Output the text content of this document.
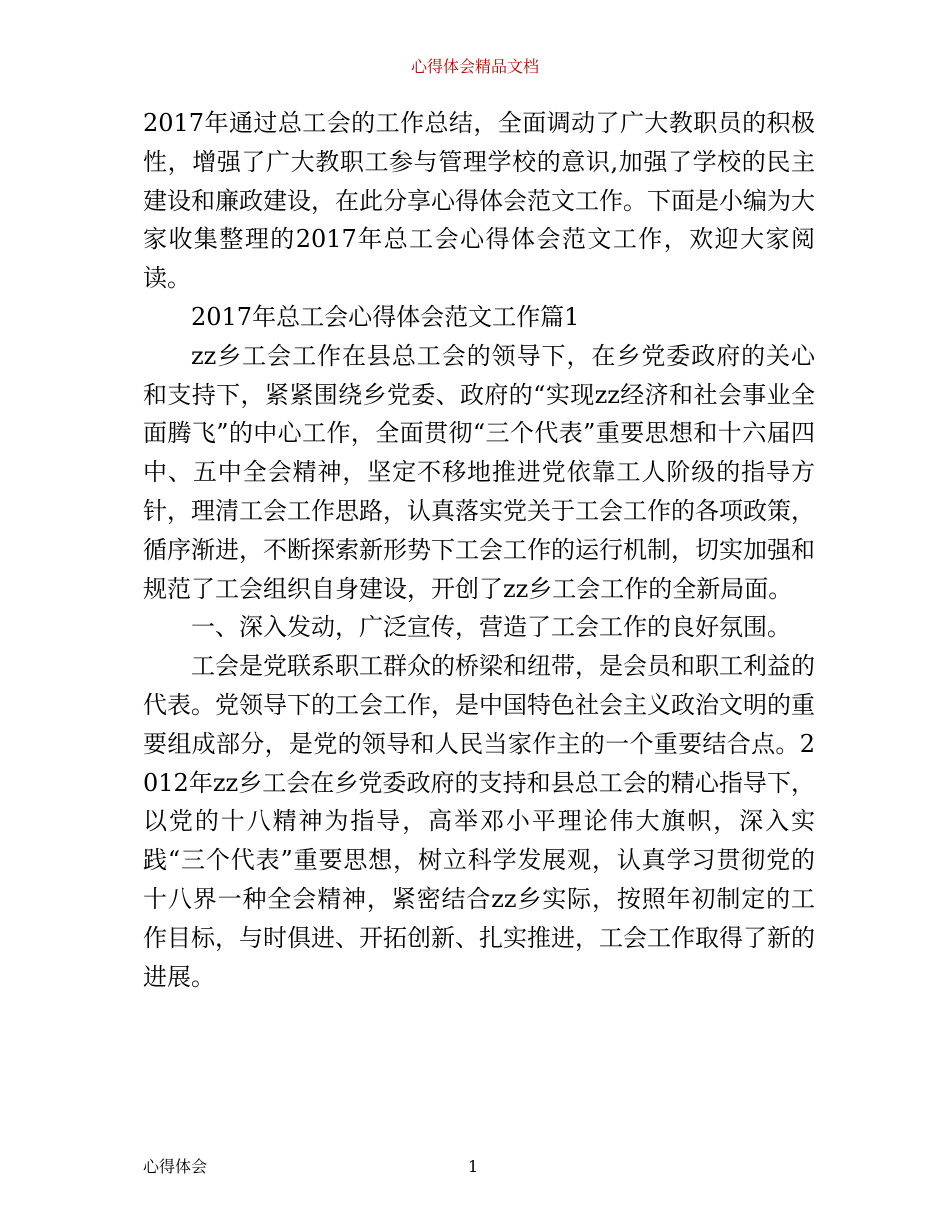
心得体会精品文档

2017年通过总工会的工作总结，全面调动了广大教职员的积极性，增强了广大教职工参与管理学校的意识,加强了学校的民主建设和廉政建设，在此分享心得体会范文工作。下面是小编为大家收集整理的2017年总工会心得体会范文工作，欢迎大家阅读。

2017年总工会心得体会范文工作篇1

zz乡工会工作在县总工会的领导下，在乡党委政府的关心和支持下，紧紧围绕乡党委、政府的“实现zz经济和社会事业全面腾飞”的中心工作，全面贯彻“三个代表”重要思想和十六届四中、五中全会精神，坚定不移地推进党依靠工人阶级的指导方针，理清工会工作思路，认真落实党关于工会工作的各项政策，循序渐进，不断探索新形势下工会工作的运行机制，切实加强和规范了工会组织自身建设，开创了zz乡工会工作的全新局面。

一、深入发动，广泛宣传，营造了工会工作的良好氛围。

工会是党联系职工群众的桥梁和纽带，是会员和职工利益的代表。党领导下的工会工作，是中国特色社会主义政治文明的重要组成部分，是党的领导和人民当家作主的一个重要结合点。2012年zz乡工会在乡党委政府的支持和县总工会的精心指导下，以党的十八精神为指导，高举邓小平理论伟大旗帜，深入实践“三个代表”重要思想，树立科学发展观，认真学习贯彻党的十八界一种全会精神，紧密结合zz乡实际，按照年初制定的工作目标，与时俱进、开拓创新、扎实推进，工会工作取得了新的进展。

心得体会	1
